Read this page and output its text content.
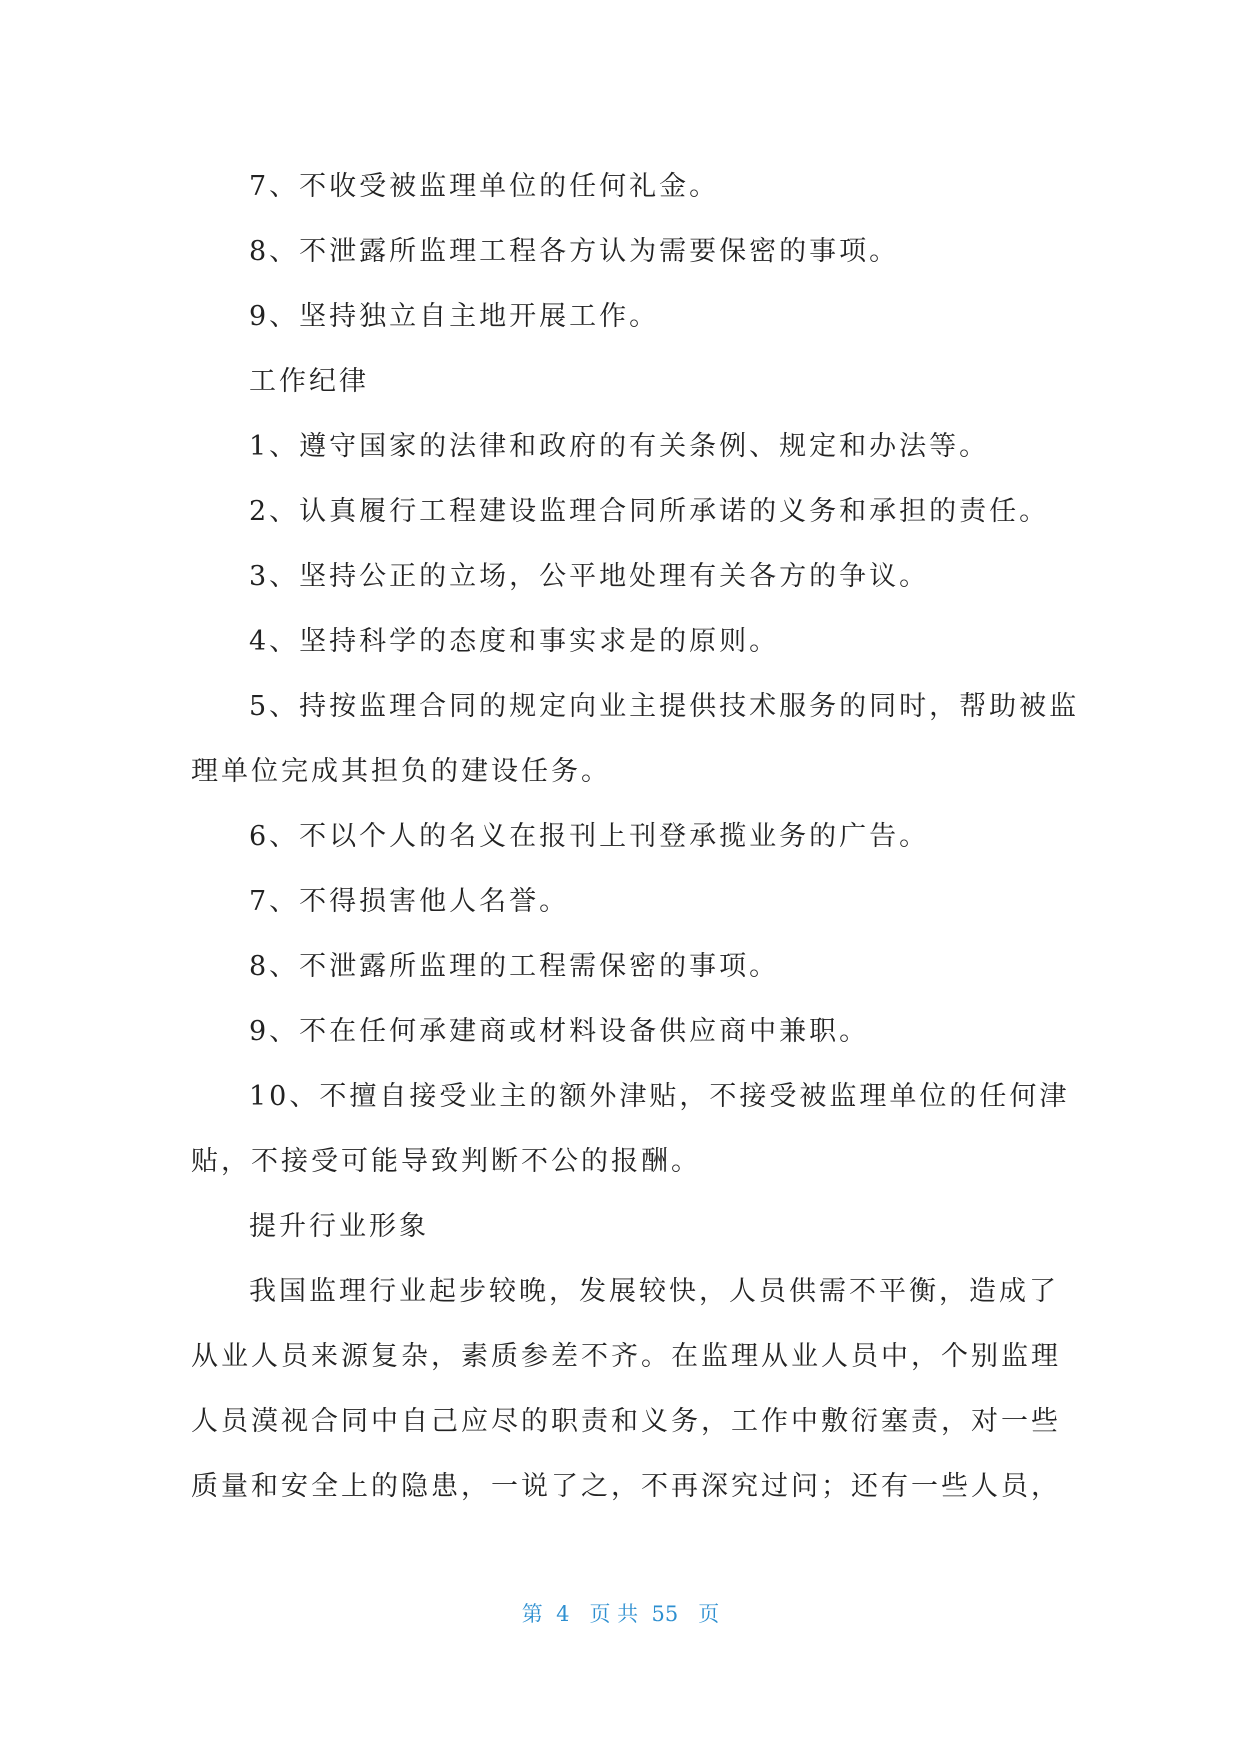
7、不收受被监理单位的任何礼金。
8、不泄露所监理工程各方认为需要保密的事项。
9、坚持独立自主地开展工作。
工作纪律
1、遵守国家的法律和政府的有关条例、规定和办法等。
2、认真履行工程建设监理合同所承诺的义务和承担的责任。
3、坚持公正的立场，公平地处理有关各方的争议。
4、坚持科学的态度和事实求是的原则。
5、持按监理合同的规定向业主提供技术服务的同时，帮助被监
理单位完成其担负的建设任务。
6、不以个人的名义在报刊上刊登承揽业务的广告。
7、不得损害他人名誉。
8、不泄露所监理的工程需保密的事项。
9、不在任何承建商或材料设备供应商中兼职。
10、不擅自接受业主的额外津贴，不接受被监理单位的任何津
贴，不接受可能导致判断不公的报酬。
提升行业形象
我国监理行业起步较晚，发展较快，人员供需不平衡，造成了
从业人员来源复杂，素质参差不齐。在监理从业人员中，个别监理
人员漠视合同中自己应尽的职责和义务，工作中敷衍塞责，对一些
质量和安全上的隐患，一说了之，不再深究过问；还有一些人员，
第  4   页 共  55   页
